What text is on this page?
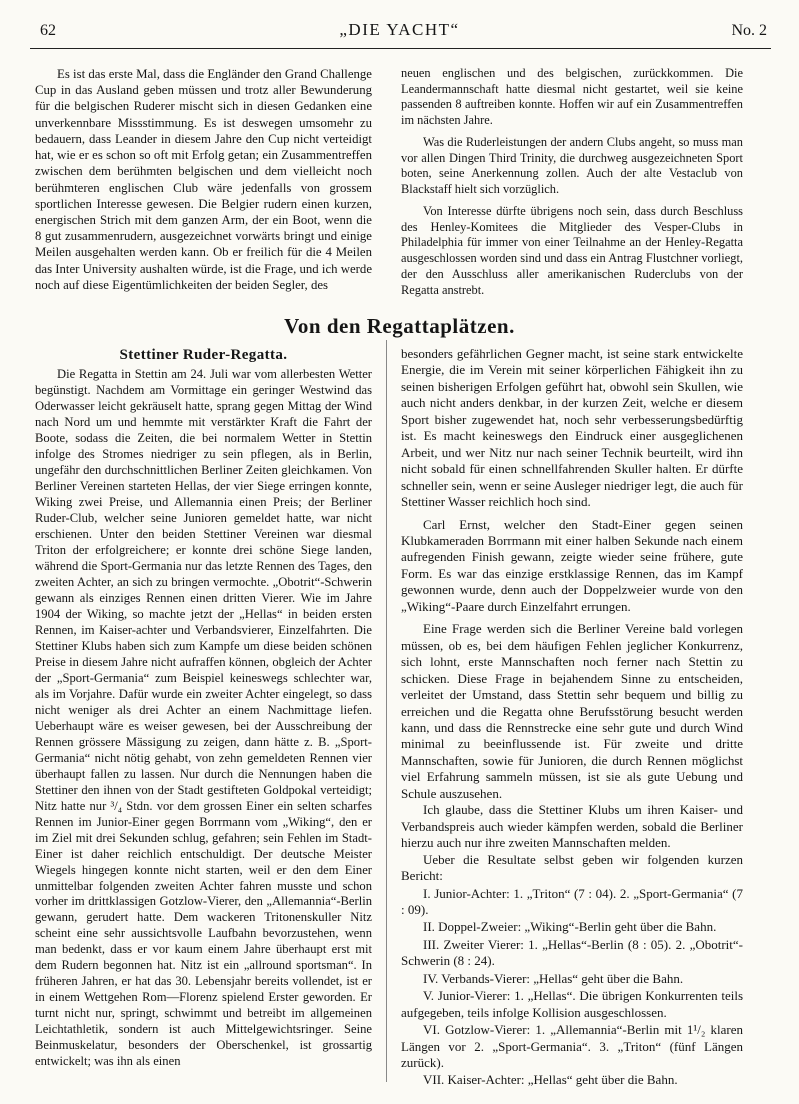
62	„DIE YACHT“	No. 2

Es ist das erste Mal, dass die Engländer den Grand Challenge Cup in das Ausland geben müssen und trotz aller Bewunderung für die belgischen Ruderer mischt sich in diesen Gedanken eine unverkennbare Missstimmung. Es ist deswegen umsomehr zu bedauern, dass Leander in diesem Jahre den Cup nicht verteidigt hat, wie er es schon so oft mit Erfolg getan; ein Zusammentreffen zwischen dem berühmten belgischen und dem vielleicht noch berühmteren englischen Club wäre jedenfalls von grossem sportlichen Interesse gewesen. Die Belgier rudern einen kurzen, energischen Strich mit dem ganzen Arm, der ein Boot, wenn die 8 gut zusammenrudern, ausgezeichnet vorwärts bringt und einige Meilen ausgehalten werden kann. Ob er freilich für die 4 Meilen das Inter University aushalten würde, ist die Frage, und ich werde noch auf diese Eigentümlichkeiten der beiden Segler, des

neuen englischen und des belgischen, zurückkommen. Die Leandermannschaft hatte diesmal nicht gestartet, weil sie keine passenden 8 auftreiben konnte. Hoffen wir auf ein Zusammentreffen im nächsten Jahre.

Was die Ruderleistungen der andern Clubs angeht, so muss man vor allen Dingen Third Trinity, die durchweg ausgezeichneten Sport boten, seine Anerkennung zollen. Auch der alte Vestaclub von Blackstaff hielt sich vorzüglich.

Von Interesse dürfte übrigens noch sein, dass durch Beschluss des Henley-Komitees die Mitglieder des Vesper-Clubs in Philadelphia für immer von einer Teilnahme an der Henley-Regatta ausgeschlossen worden sind und dass ein Antrag Flustchner vorliegt, der den Ausschluss aller amerikanischen Ruderclubs von der Regatta anstrebt.

Von den Regattaplätzen.
Stettiner Ruder-Regatta.

Die Regatta in Stettin am 24. Juli war vom allerbesten Wetter begünstigt. Nachdem am Vormittage ein geringer Westwind das Oderwasser leicht gekräuselt hatte, sprang gegen Mittag der Wind nach Nord um und hemmte mit verstärkter Kraft die Fahrt der Boote, sodass die Zeiten, die bei normalem Wetter in Stettin infolge des Stromes niedriger zu sein pflegen, als in Berlin, ungefähr den durchschnittlichen Berliner Zeiten gleichkamen. Von Berliner Vereinen starteten Hellas, der vier Siege erringen konnte, Wiking zwei Preise, und Allemannia einen Preis; der Berliner Ruder-Club, welcher seine Junioren gemeldet hatte, war nicht erschienen. Unter den beiden Stettiner Vereinen war diesmal Triton der erfolgreichere; er konnte drei schöne Siege landen, während die Sport-Germania nur das letzte Rennen des Tages, den zweiten Achter, an sich zu bringen vermochte. „Obotrit“-Schwerin gewann als einziges Rennen einen dritten Vierer. Wie im Jahre 1904 der Wiking, so machte jetzt der „Hellas“ in beiden ersten Rennen, im Kaiser-achter und Verbandsvierer, Einzelfahrten. Die Stettiner Klubs haben sich zum Kampfe um diese beiden schönen Preise in diesem Jahre nicht aufraffen können, obgleich der Achter der „Sport-Germania“ zum Beispiel keineswegs schlechter war, als im Vorjahre. Dafür wurde ein zweiter Achter eingelegt, so dass nicht weniger als drei Achter an einem Nachmittage liefen. Ueberhaupt wäre es weiser gewesen, bei der Ausschreibung der Rennen grössere Mässigung zu zeigen, dann hätte z. B. „Sport-Germania“ nicht nötig gehabt, von zehn gemeldeten Rennen vier überhaupt fallen zu lassen. Nur durch die Nennungen haben die Stettiner den ihnen von der Stadt gestifteten Goldpokal verteidigt; Nitz hatte nur ³/₄ Stdn. vor dem grossen Einer ein selten scharfes Rennen im Junior-Einer gegen Borrmann vom „Wiking“, den er im Ziel mit drei Sekunden schlug, gefahren; sein Fehlen im Stadt-Einer ist daher reichlich entschuldigt. Der deutsche Meister Wiegels hingegen konnte nicht starten, weil er den dem Einer unmittelbar folgenden zweiten Achter fahren musste und schon vorher im drittklassigen Gotzlow-Vierer, den „Allemannia“-Berlin gewann, gerudert hatte. Dem wackeren Tritonenskuller Nitz scheint eine sehr aussichtsvolle Laufbahn bevorzustehen, wenn man bedenkt, dass er vor kaum einem Jahre überhaupt erst mit dem Rudern begonnen hat. Nitz ist ein „allround sportsman“. In früheren Jahren, er hat das 30. Lebensjahr bereits vollendet, ist er in einem Wettgehen Rom—Florenz spielend Erster geworden. Er turnt nicht nur, springt, schwimmt und betreibt im allgemeinen Leichtathletik, sondern ist auch Mittelgewichtsringer. Seine Beinmuskelatur, besonders der Oberschenkel, ist grossartig entwickelt; was ihn als einen

besonders gefährlichen Gegner macht, ist seine stark entwickelte Energie, die im Verein mit seiner körperlichen Fähigkeit ihn zu seinen bisherigen Erfolgen geführt hat, obwohl sein Skullen, wie auch nicht anders denkbar, in der kurzen Zeit, welche er diesem Sport bisher zugewendet hat, noch sehr verbesserungsbedürftig ist. Es macht keineswegs den Eindruck einer ausgeglichenen Arbeit, und wer Nitz nur nach seiner Technik beurteilt, wird ihn nicht sobald für einen schnellfahrenden Skuller halten. Er dürfte schneller sein, wenn er seine Ausleger niedriger legt, die auch für Stettiner Wasser reichlich hoch sind.

Carl Ernst, welcher den Stadt-Einer gegen seinen Klubkameraden Borrmann mit einer halben Sekunde nach einem aufregenden Finish gewann, zeigte wieder seine frühere, gute Form. Es war das einzige erstklassige Rennen, das im Kampf gewonnen wurde, denn auch der Doppelzweier wurde von den „Wiking“-Paare durch Einzelfahrt errungen.

Eine Frage werden sich die Berliner Vereine bald vorlegen müssen, ob es, bei dem häufigen Fehlen jeglicher Konkurrenz, sich lohnt, erste Mannschaften noch ferner nach Stettin zu schicken. Diese Frage in bejahendem Sinne zu entscheiden, verleitet der Umstand, dass Stettin sehr bequem und billig zu erreichen und die Regatta ohne Berufsstörung besucht werden kann, und dass die Rennstrecke eine sehr gute und durch Wind minimal zu beeinflussende ist. Für zweite und dritte Mannschaften, sowie für Junioren, die durch Rennen möglichst viel Erfahrung sammeln müssen, ist sie als gute Uebung und Schule auszusehen.

Ich glaube, dass die Stettiner Klubs um ihren Kaiser- und Verbandspreis auch wieder kämpfen werden, sobald die Berliner hierzu auch nur ihre zweiten Mannschaften melden.

Ueber die Resultate selbst geben wir folgenden kurzen Bericht:

I. Junior-Achter: 1. „Triton“ (7 : 04). 2. „Sport-Germania“ (7 : 09).

II. Doppel-Zweier: „Wiking“-Berlin geht über die Bahn.

III. Zweiter Vierer: 1. „Hellas“-Berlin (8 : 05). 2. „Obotrit“-Schwerin (8 : 24).

IV. Verbands-Vierer: „Hellas“ geht über die Bahn.

V. Junior-Vierer: 1. „Hellas“. Die übrigen Konkurrenten teils aufgegeben, teils infolge Kollision ausgeschlossen.

VI. Gotzlow-Vierer: 1. „Allemannia“-Berlin mit 1¹/₂ klaren Längen vor 2. „Sport-Germania“. 3. „Triton“ (fünf Längen zurück).

VII. Kaiser-Achter: „Hellas“ geht über die Bahn.
